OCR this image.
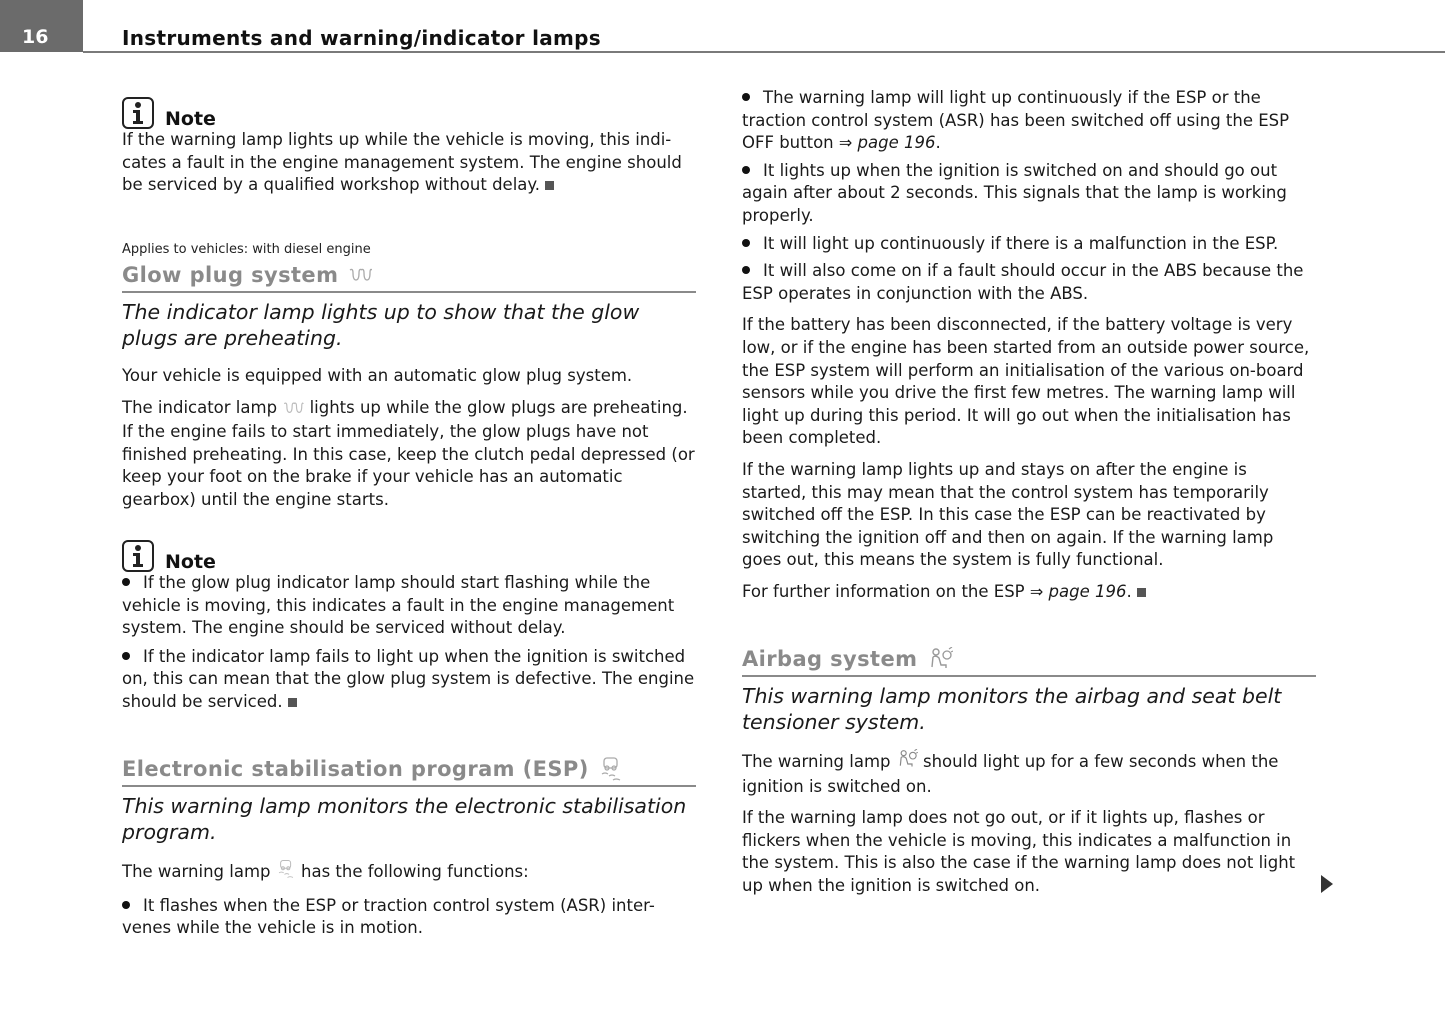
16	Instruments and warning/indicator lamps
Note

If the warning lamp lights up while the vehicle is moving, this indi-cates a fault in the engine management system. The engine should be serviced by a qualified workshop without delay.

Applies to vehicles: with diesel engine
Glow plug system

The indicator lamp lights up to show that the glow plugs are preheating.

Your vehicle is equipped with an automatic glow plug system.

The indicator lamp lights up while the glow plugs are preheating. If the engine fails to start immediately, the glow plugs have not finished preheating. In this case, keep the clutch pedal depressed (or keep your foot on the brake if your vehicle has an automatic gearbox) until the engine starts.

Note

If the glow plug indicator lamp should start flashing while the vehicle is moving, this indicates a fault in the engine management system. The engine should be serviced without delay.

If the indicator lamp fails to light up when the ignition is switched on, this can mean that the glow plug system is defective. The engine should be serviced.

Electronic stabilisation program (ESP)

This warning lamp monitors the electronic stabilisation program.

The warning lamp has the following functions:

It flashes when the ESP or traction control system (ASR) inter-venes while the vehicle is in motion.

The warning lamp will light up continuously if the ESP or the traction control system (ASR) has been switched off using the ESP OFF button ⇒ page 196.

It lights up when the ignition is switched on and should go out again after about 2 seconds. This signals that the lamp is working properly.

It will light up continuously if there is a malfunction in the ESP.

It will also come on if a fault should occur in the ABS because the ESP operates in conjunction with the ABS.

If the battery has been disconnected, if the battery voltage is very low, or if the engine has been started from an outside power source, the ESP system will perform an initialisation of the various on-board sensors while you drive the first few metres. The warning lamp will light up during this period. It will go out when the initialisation has been completed.

If the warning lamp lights up and stays on after the engine is started, this may mean that the control system has temporarily switched off the ESP. In this case the ESP can be reactivated by switching the ignition off and then on again. If the warning lamp goes out, this means the system is fully functional.

For further information on the ESP ⇒ page 196.

Airbag system

This warning lamp monitors the airbag and seat belt tensioner system.

The warning lamp should light up for a few seconds when the ignition is switched on.

If the warning lamp does not go out, or if it lights up, flashes or flickers when the vehicle is moving, this indicates a malfunction in the system. This is also the case if the warning lamp does not light up when the ignition is switched on.
